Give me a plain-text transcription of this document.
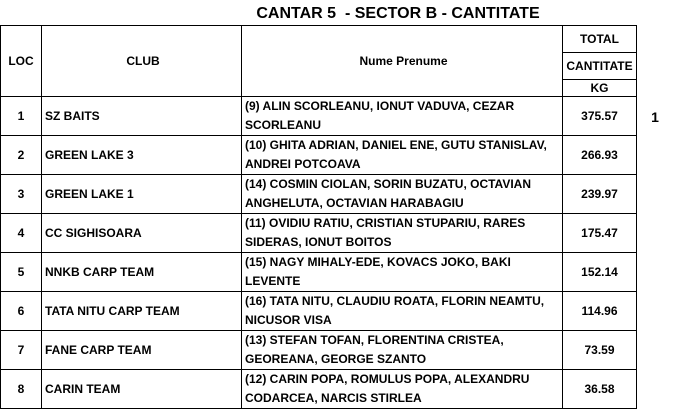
CANTAR 5  - SECTOR B - CANTITATE
LOC	CLUB	Nume Prenume	TOTAL
			CANTITATE
			KG
1	SZ BAITS	(9) ALIN SCORLEANU, IONUT VADUVA, CEZAR SCORLEANU	375.57
2	GREEN LAKE 3	(10) GHITA ADRIAN, DANIEL ENE, GUTU STANISLAV, ANDREI POTCOAVA	266.93
3	GREEN LAKE 1	(14) COSMIN CIOLAN, SORIN BUZATU, OCTAVIAN ANGHELUTA, OCTAVIAN HARABAGIU	239.97
4	CC SIGHISOARA	(11) OVIDIU RATIU, CRISTIAN STUPARIU, RARES SIDERAS, IONUT BOITOS	175.47
5	NNKB CARP TEAM	(15) NAGY MIHALY-EDE, KOVACS JOKO, BAKI LEVENTE	152.14
6	TATA NITU CARP TEAM	(16) TATA NITU, CLAUDIU ROATA, FLORIN NEAMTU, NICUSOR VISA	114.96
7	FANE CARP TEAM	(13) STEFAN TOFAN, FLORENTINA CRISTEA, GEOREANA, GEORGE SZANTO	73.59
8	CARIN TEAM	(12) CARIN POPA, ROMULUS POPA, ALEXANDRU CODARCEA, NARCIS STIRLEA	36.58
1
